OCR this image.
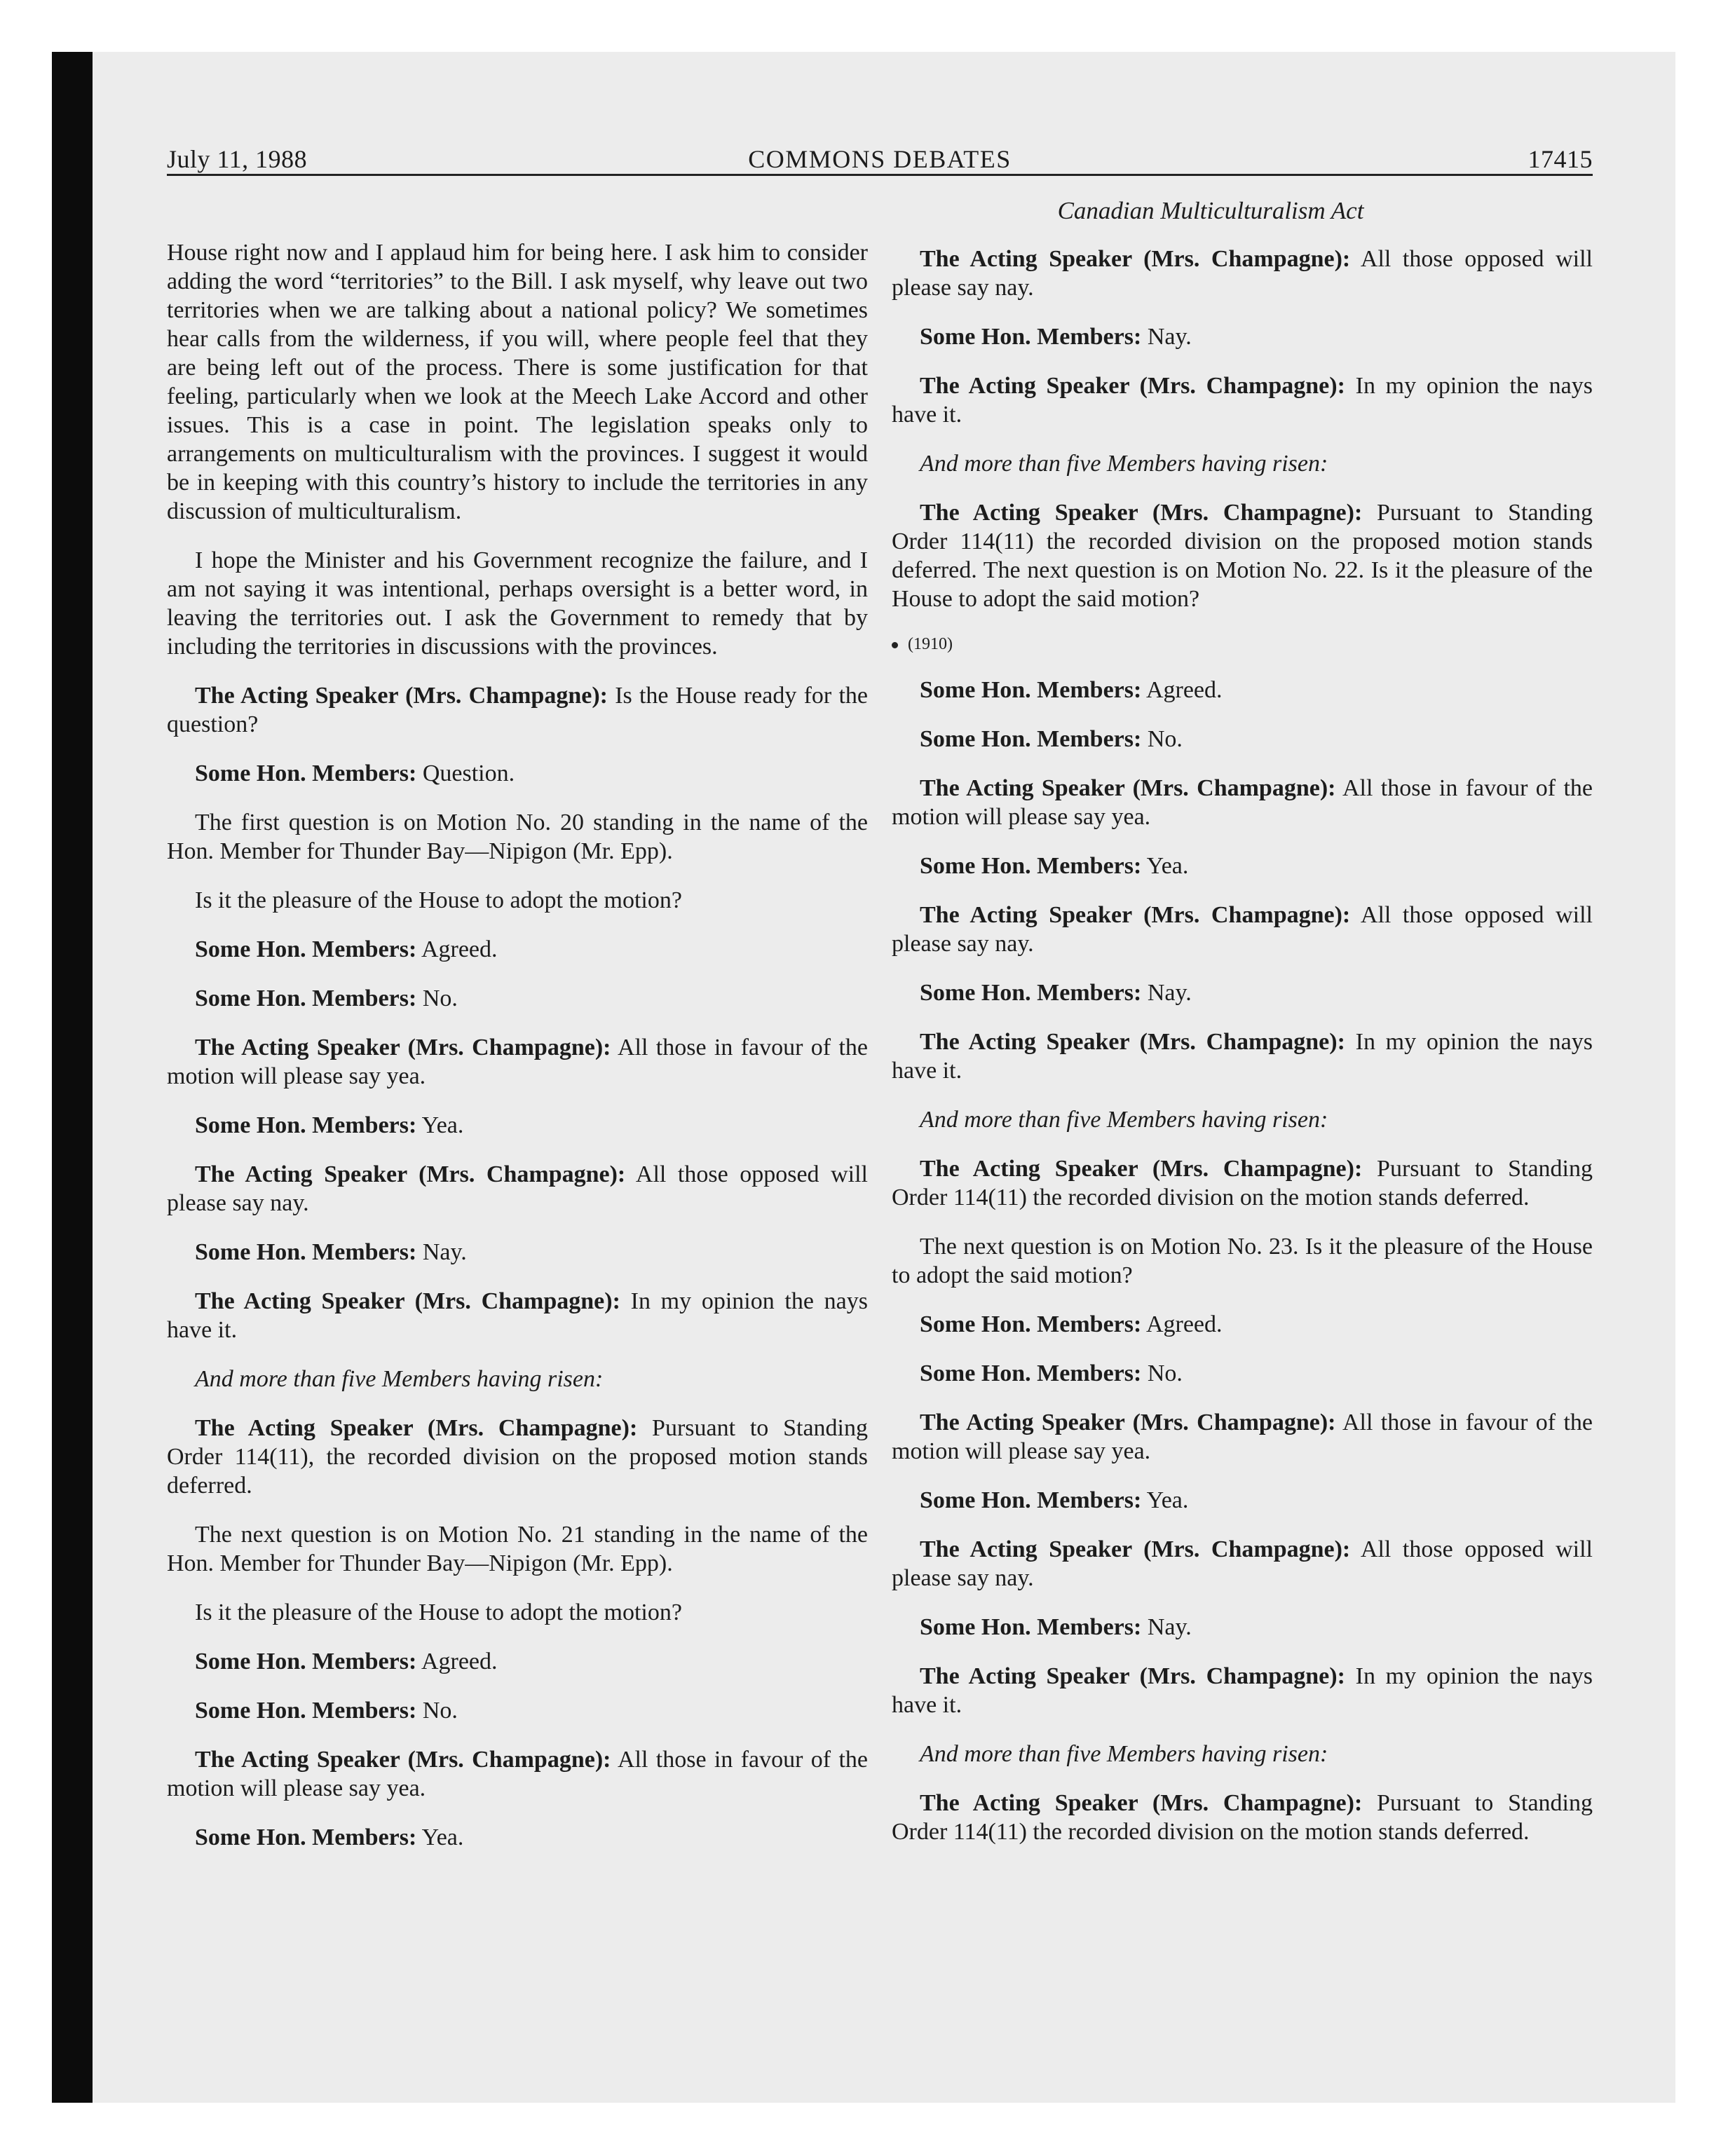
July 11, 1988	COMMONS DEBATES	17415

House right now and I applaud him for being here. I ask him to consider adding the word “territories” to the Bill. I ask myself, why leave out two territories when we are talking about a national policy? We sometimes hear calls from the wilderness, if you will, where people feel that they are being left out of the process. There is some justification for that feeling, particularly when we look at the Meech Lake Accord and other issues. This is a case in point. The legislation speaks only to arrangements on multiculturalism with the provinces. I suggest it would be in keeping with this country’s history to include the territories in any discussion of multiculturalism.

I hope the Minister and his Government recognize the failure, and I am not saying it was intentional, perhaps oversight is a better word, in leaving the territories out. I ask the Government to remedy that by including the territories in discussions with the provinces.

The Acting Speaker (Mrs. Champagne): Is the House ready for the question?

Some Hon. Members: Question.

The first question is on Motion No. 20 standing in the name of the Hon. Member for Thunder Bay—Nipigon (Mr. Epp).

Is it the pleasure of the House to adopt the motion?

Some Hon. Members: Agreed.

Some Hon. Members: No.

The Acting Speaker (Mrs. Champagne): All those in favour of the motion will please say yea.

Some Hon. Members: Yea.

The Acting Speaker (Mrs. Champagne): All those opposed will please say nay.

Some Hon. Members: Nay.

The Acting Speaker (Mrs. Champagne): In my opinion the nays have it.

And more than five Members having risen:

The Acting Speaker (Mrs. Champagne): Pursuant to Standing Order 114(11), the recorded division on the proposed motion stands deferred.

The next question is on Motion No. 21 standing in the name of the Hon. Member for Thunder Bay—Nipigon (Mr. Epp).

Is it the pleasure of the House to adopt the motion?

Some Hon. Members: Agreed.

Some Hon. Members: No.

The Acting Speaker (Mrs. Champagne): All those in favour of the motion will please say yea.

Some Hon. Members: Yea.

Canadian Multiculturalism Act

The Acting Speaker (Mrs. Champagne): All those opposed will please say nay.

Some Hon. Members: Nay.

The Acting Speaker (Mrs. Champagne): In my opinion the nays have it.

And more than five Members having risen:

The Acting Speaker (Mrs. Champagne): Pursuant to Standing Order 114(11) the recorded division on the proposed motion stands deferred. The next question is on Motion No. 22. Is it the pleasure of the House to adopt the said motion?

(1910)

Some Hon. Members: Agreed.

Some Hon. Members: No.

The Acting Speaker (Mrs. Champagne): All those in favour of the motion will please say yea.

Some Hon. Members: Yea.

The Acting Speaker (Mrs. Champagne): All those opposed will please say nay.

Some Hon. Members: Nay.

The Acting Speaker (Mrs. Champagne): In my opinion the nays have it.

And more than five Members having risen:

The Acting Speaker (Mrs. Champagne): Pursuant to Standing Order 114(11) the recorded division on the motion stands deferred.

The next question is on Motion No. 23. Is it the pleasure of the House to adopt the said motion?

Some Hon. Members: Agreed.

Some Hon. Members: No.

The Acting Speaker (Mrs. Champagne): All those in favour of the motion will please say yea.

Some Hon. Members: Yea.

The Acting Speaker (Mrs. Champagne): All those opposed will please say nay.

Some Hon. Members: Nay.

The Acting Speaker (Mrs. Champagne): In my opinion the nays have it.

And more than five Members having risen:

The Acting Speaker (Mrs. Champagne): Pursuant to Standing Order 114(11) the recorded division on the motion stands deferred.
